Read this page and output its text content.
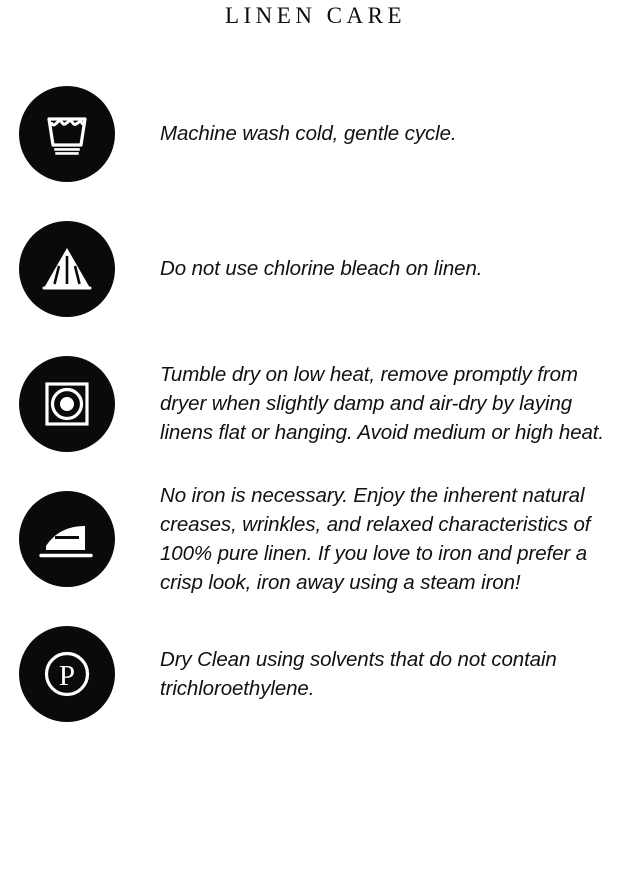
LINEN CARE

Machine wash cold, gentle cycle.

Do not use chlorine bleach on linen.

Tumble dry on low heat, remove promptly from dryer when slightly damp and air-dry by laying linens flat or hanging. Avoid medium or high heat.

No iron is necessary. Enjoy the inherent natural creases, wrinkles, and relaxed characteristics of 100% pure linen. If you love to iron and prefer a crisp look, iron away using a steam iron!

P

Dry Clean using solvents that do not contain trichloroethylene.
